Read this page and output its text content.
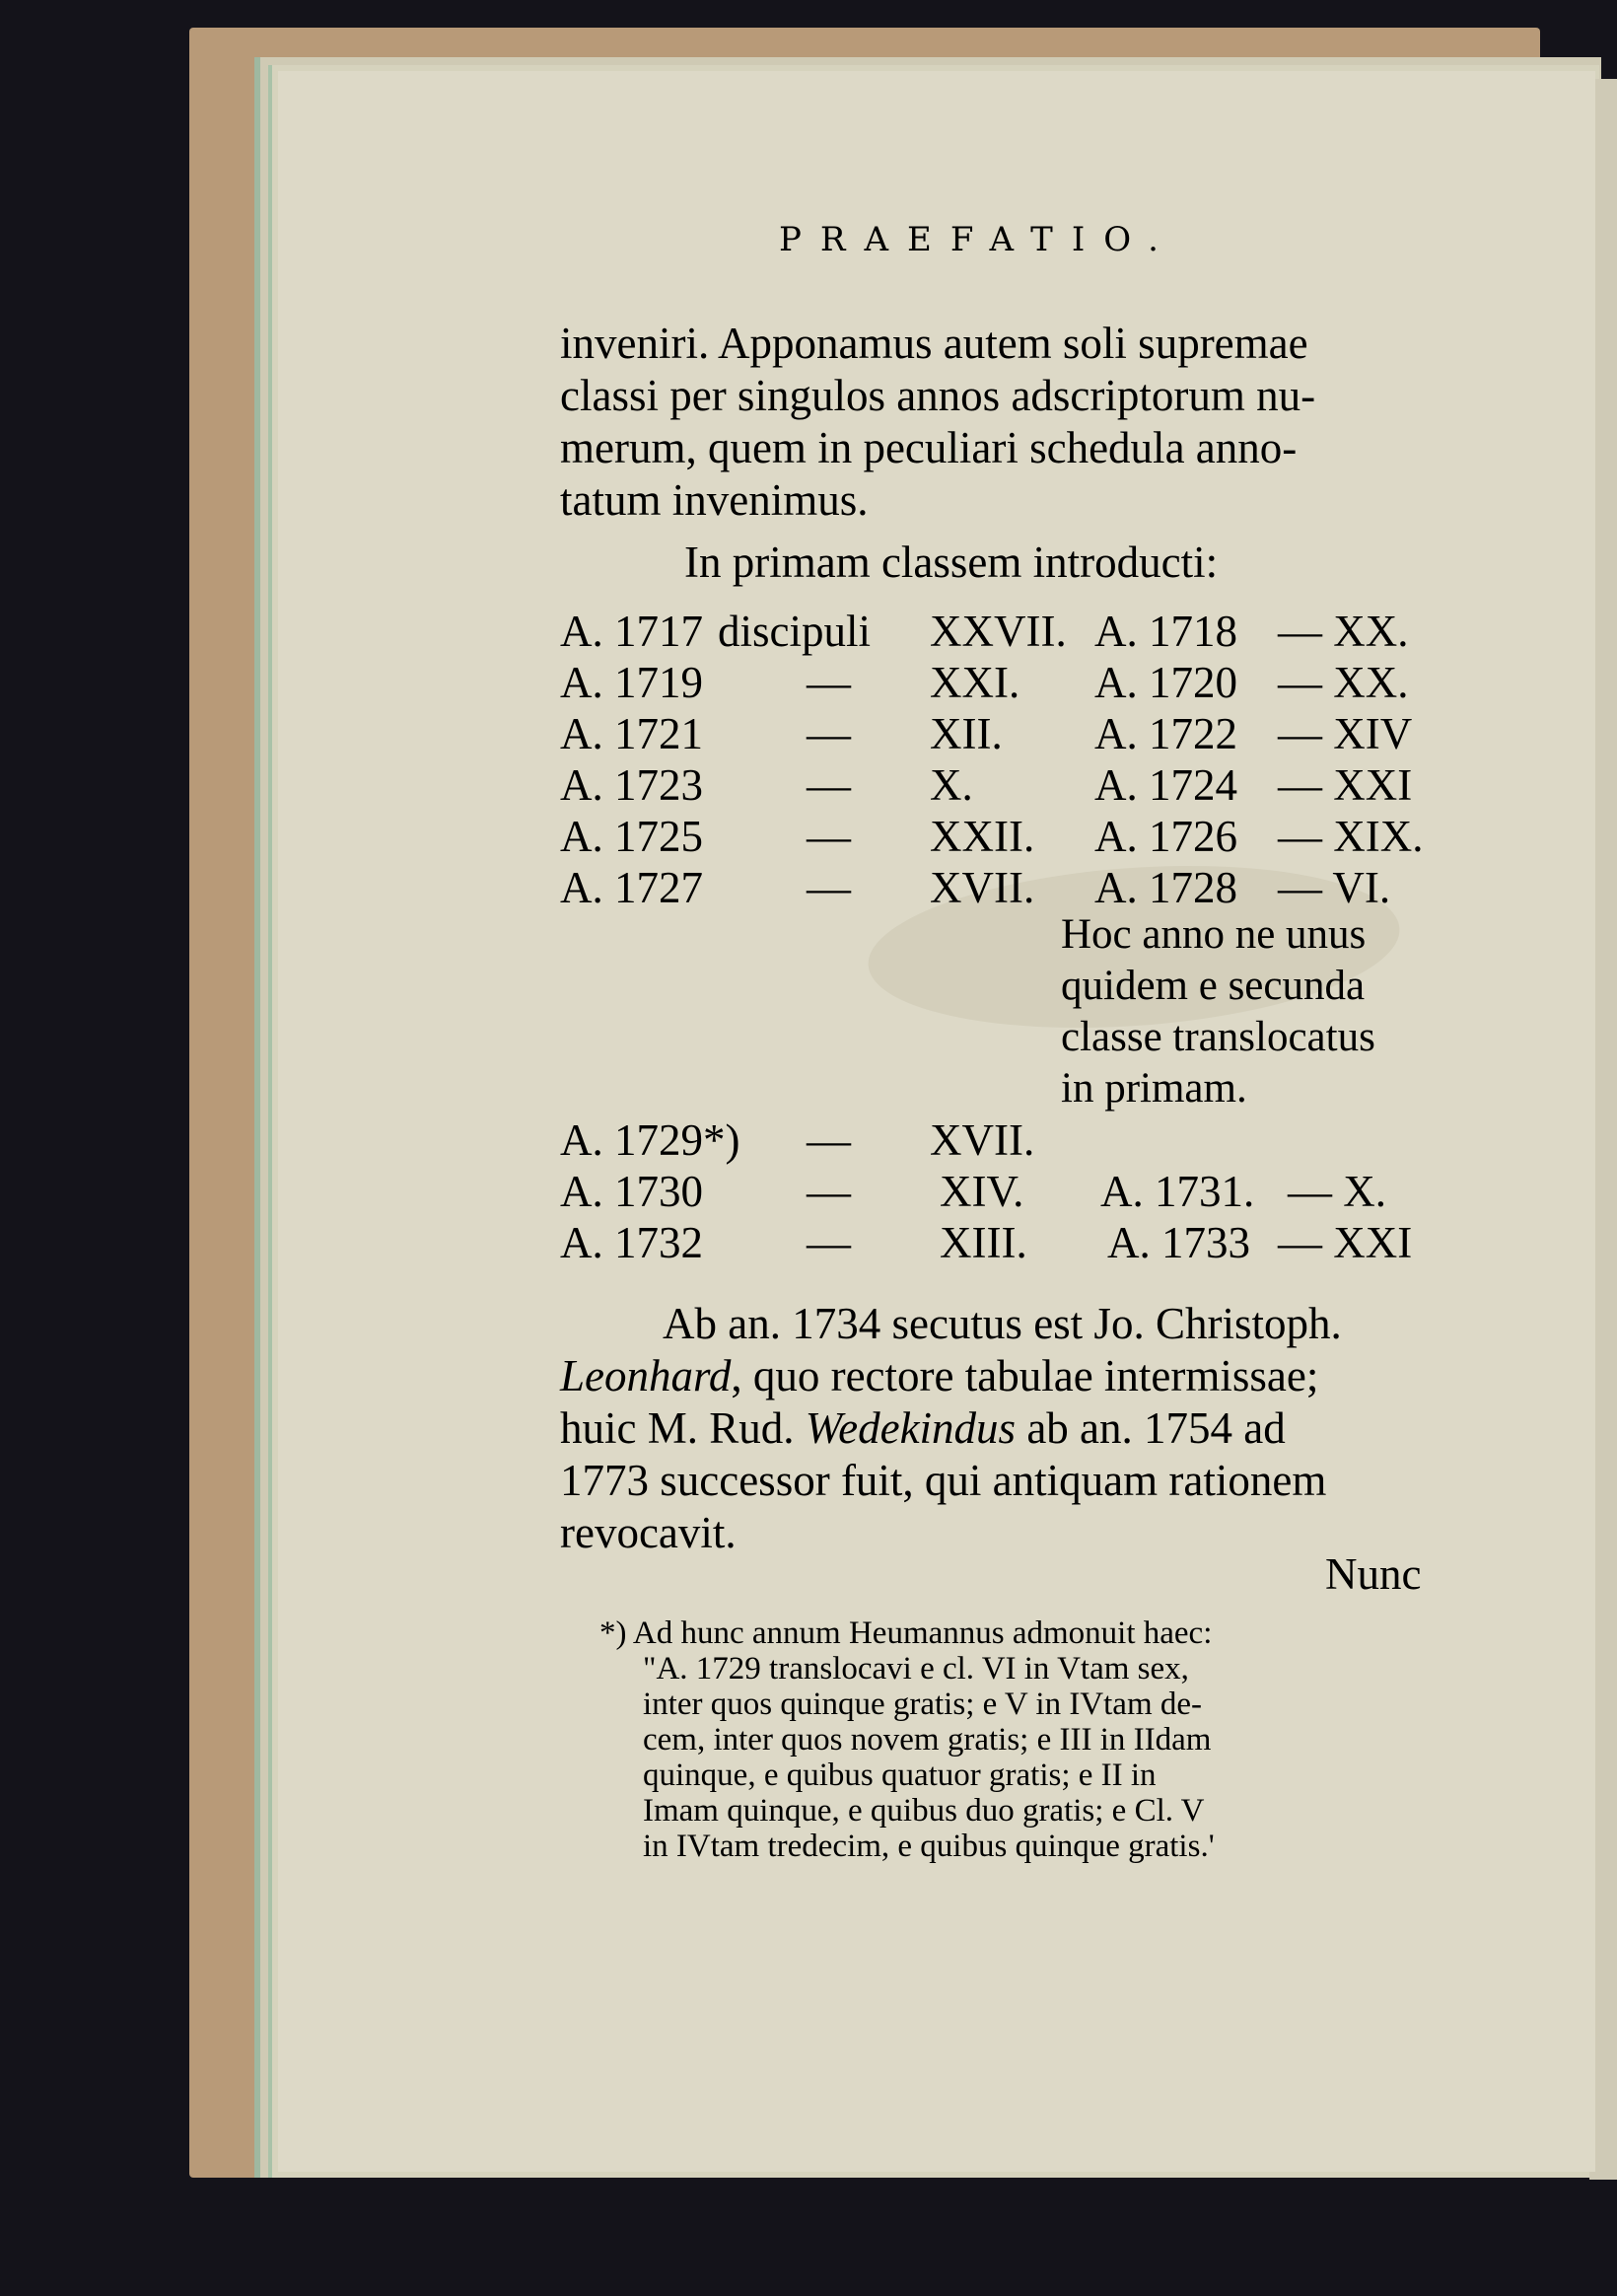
PRAEFATIO.
inveniri. Apponamus autem soli supremae
classi per singulos annos adscriptorum nu-
merum, quem in peculiari schedula anno-
tatum invenimus.
In primam classem introducti:
A. 1717 discipuli XXVII. A. 1718 — XX.
A. 1719 — XXI. A. 1720 — XX.
A. 1721 — XII. A. 1722 — XIV
A. 1723 — X.	A. 1724 — XXI
A. 1725 — XXII. A. 1726 — XIX.
A. 1727 — XVII. A. 1728 — VI.
Hoc anno ne unus
quidem e secunda
classe translocatus
in primam.
A. 1729*) — XVII.
A. 1730 — XIV. A. 1731. — X.
A. 1732 — XIII. A. 1733 — XXI
Ab an. 1734 secutus est Jo. Christoph.
Leonhard, quo rectore tabulae intermissae;
huic M. Rud. Wedekindus ab an. 1754 ad
1773 successor fuit, qui antiquam rationem
revocavit.
Nunc
*) Ad hunc annum Heumannus admonuit haec:
"A. 1729 translocavi e cl. VI in Vtam sex,
inter quos quinque gratis; e V in IVtam de-
cem, inter quos novem gratis; e III in IIdam
quinque, e quibus quatuor gratis; e II in
Imam quinque, e quibus duo gratis; e Cl. V
in IVtam tredecim, e quibus quinque gratis.'
